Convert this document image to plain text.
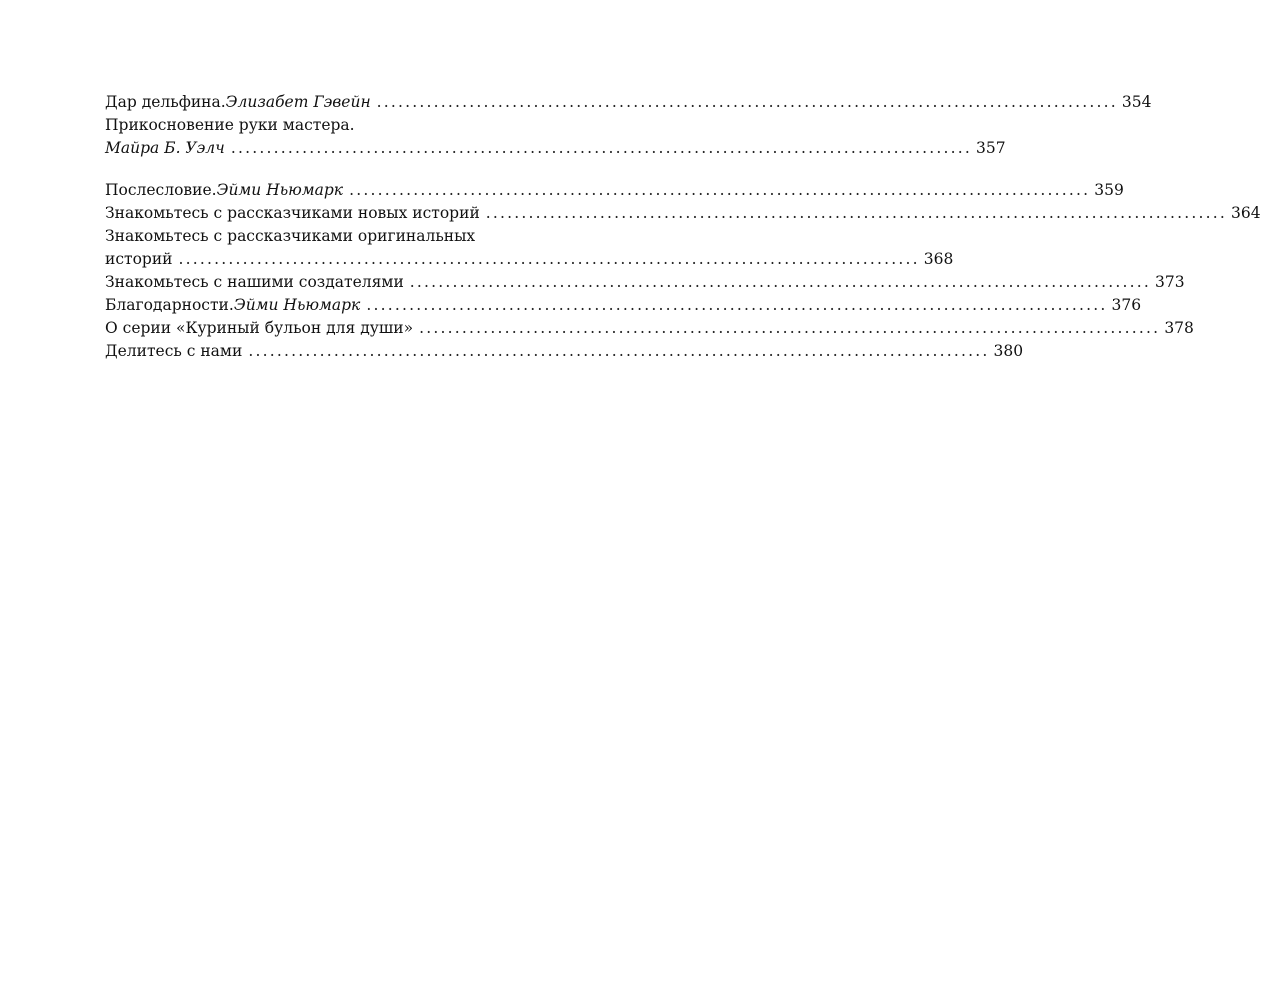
Дар дельфина. Элизабет Гэвейн ........................................................................................................ 354
Прикосновение руки мастера.
Майра Б. Уэлч ........................................................................................................ 357
Послесловие. Эйми Ньюмарк ........................................................................................................ 359
Знакомьтесь с рассказчиками новых историй ........................................................................................................ 364
Знакомьтесь с рассказчиками оригинальных
историй ........................................................................................................ 368
Знакомьтесь с нашими создателями ........................................................................................................ 373
Благодарности. Эйми Ньюмарк ........................................................................................................ 376
О серии «Куриный бульон для души» ........................................................................................................ 378
Делитесь с нами ........................................................................................................ 380
